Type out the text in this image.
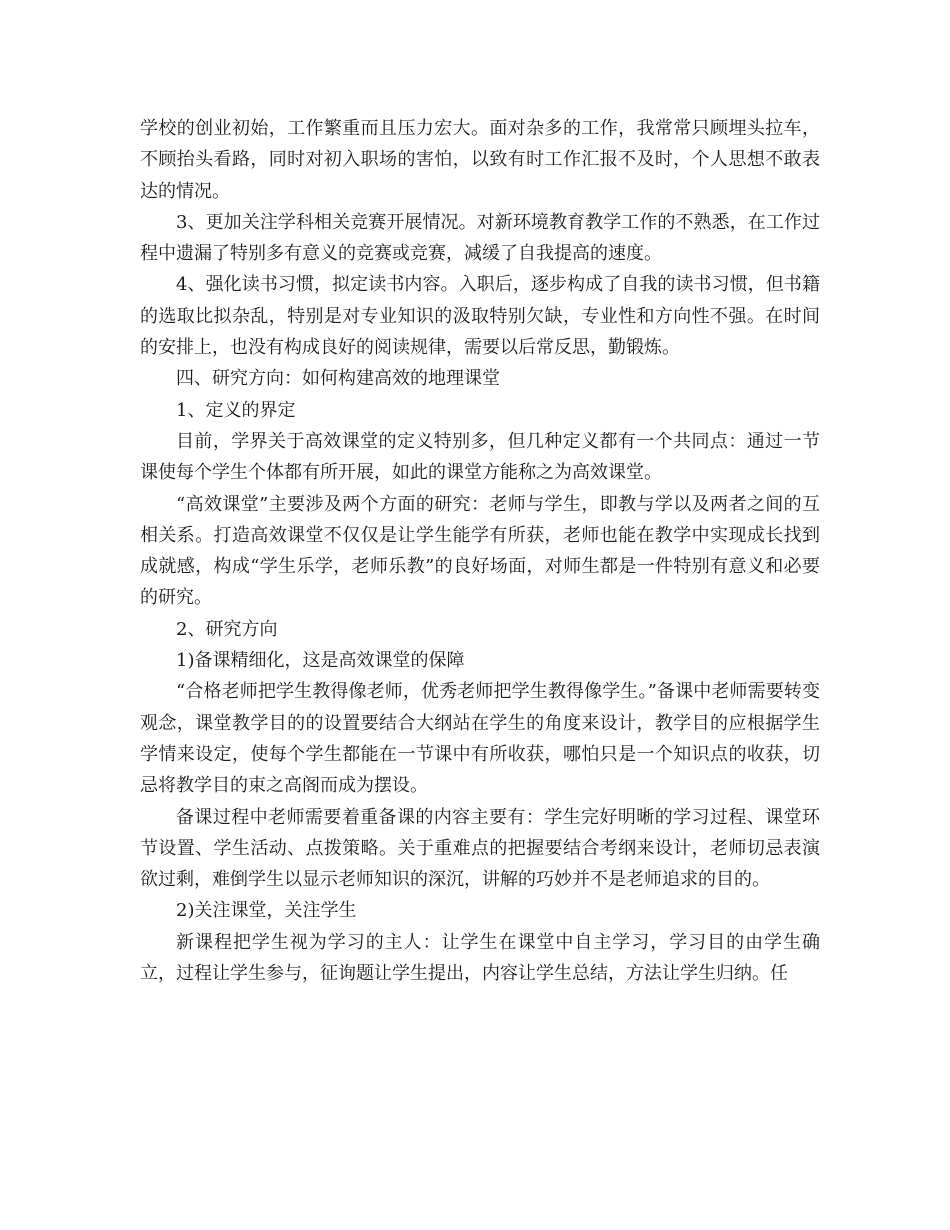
学校的创业初始，工作繁重而且压力宏大。面对杂多的工作，我常常只顾埋头拉车，不顾抬头看路，同时对初入职场的害怕，以致有时工作汇报不及时，个人思想不敢表达的情况。

3、更加关注学科相关竞赛开展情况。对新环境教育教学工作的不熟悉，在工作过程中遗漏了特别多有意义的竞赛或竞赛，减缓了自我提高的速度。

4、强化读书习惯，拟定读书内容。入职后，逐步构成了自我的读书习惯，但书籍的选取比拟杂乱，特别是对专业知识的汲取特别欠缺，专业性和方向性不强。在时间的安排上，也没有构成良好的阅读规律，需要以后常反思，勤锻炼。

四、研究方向：如何构建高效的地理课堂

1、定义的界定

目前，学界关于高效课堂的定义特别多，但几种定义都有一个共同点：通过一节课使每个学生个体都有所开展，如此的课堂方能称之为高效课堂。

“高效课堂”主要涉及两个方面的研究：老师与学生，即教与学以及两者之间的互相关系。打造高效课堂不仅仅是让学生能学有所获，老师也能在教学中实现成长找到成就感，构成“学生乐学，老师乐教”的良好场面，对师生都是一件特别有意义和必要的研究。

2、研究方向

1)备课精细化，这是高效课堂的保障

“合格老师把学生教得像老师，优秀老师把学生教得像学生。”备课中老师需要转变观念，课堂教学目的的设置要结合大纲站在学生的角度来设计，教学目的应根据学生学情来设定，使每个学生都能在一节课中有所收获，哪怕只是一个知识点的收获，切忌将教学目的束之高阁而成为摆设。

备课过程中老师需要着重备课的内容主要有：学生完好明晰的学习过程、课堂环节设置、学生活动、点拨策略。关于重难点的把握要结合考纲来设计，老师切忌表演欲过剩，难倒学生以显示老师知识的深沉，讲解的巧妙并不是老师追求的目的。

2)关注课堂，关注学生

新课程把学生视为学习的主人：让学生在课堂中自主学习，学习目的由学生确立，过程让学生参与，征询题让学生提出，内容让学生总结，方法让学生归纳。任
